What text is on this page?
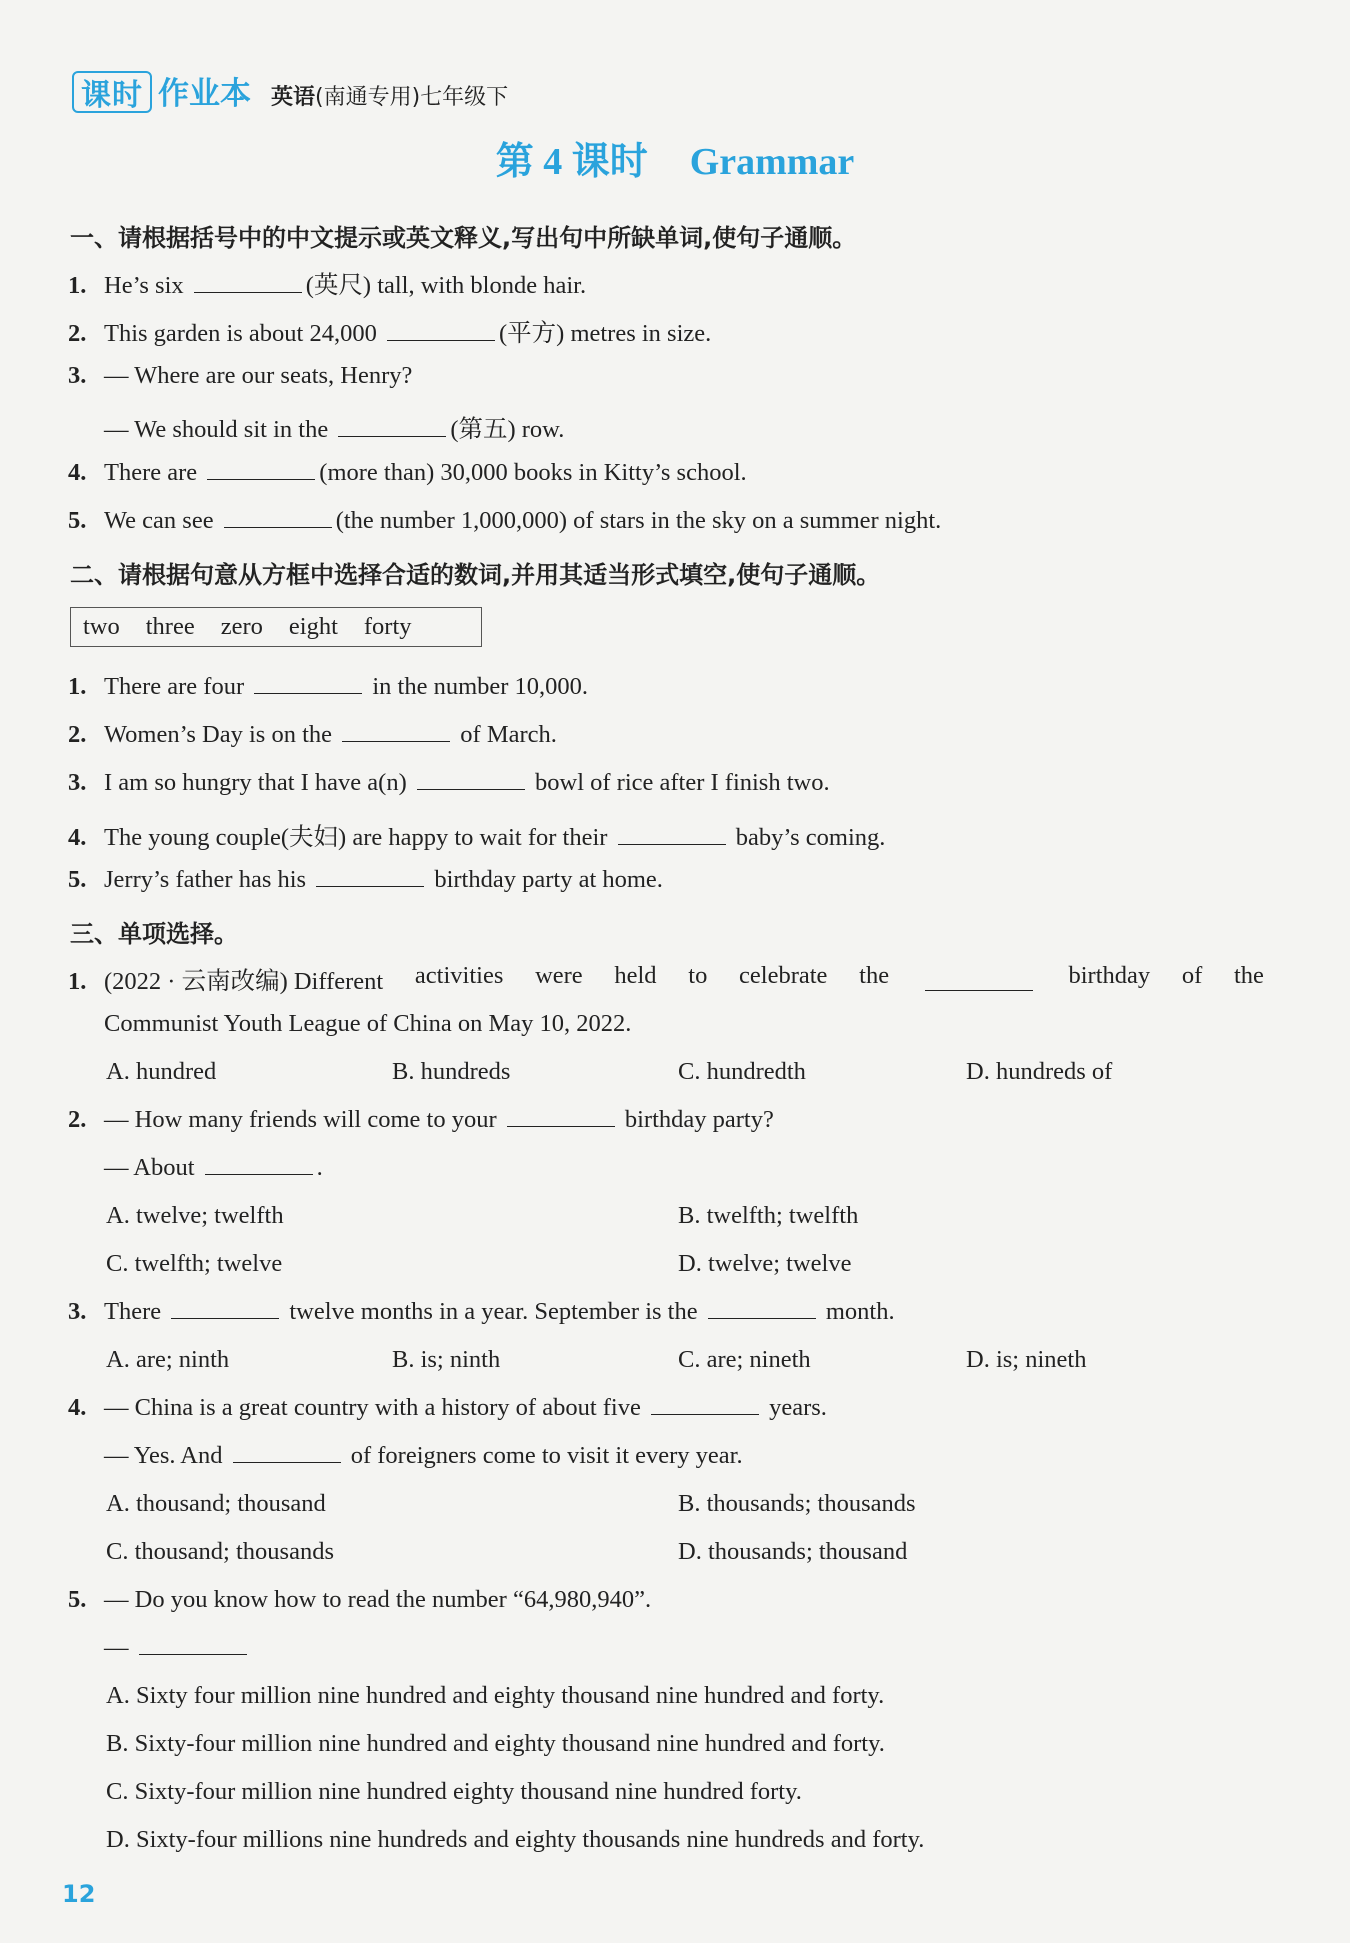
课时 作业本 英语(南通专用)七年级下
第 4 课时 Grammar
一、请根据括号中的中文提示或英文释义,写出句中所缺单词,使句子通顺。
1. He’s six	(英尺) tall, with blonde hair.
2. This garden is about 24,000	(平方) metres in size.
3. — Where are our seats, Henry?
— We should sit in the	(第五) row.
4. There are	(more than) 30,000 books in Kitty’s school.
5. We can see	(the number 1,000,000) of stars in the sky on a summer night.
二、请根据句意从方框中选择合适的数词,并用其适当形式填空,使句子通顺。
two three zero eight forty
1. There are four	in the number 10,000.
2. Women’s Day is on the	of March.
3. I am so hungry that I have a(n)	bowl of rice after I finish two.
4. The young couple(夫妇) are happy to wait for their	baby’s coming.
5. Jerry’s father has his	birthday party at home.
三、单项选择。
1. (2022 · 云南改编) Different activities were held to celebrate the	birthday of the
Communist Youth League of China on May 10, 2022.
A. hundred	B. hundreds	C. hundredth	D. hundreds of
2. — How many friends will come to your	birthday party?
— About	.
A. twelve; twelfth	B. twelfth; twelfth
C. twelfth; twelve	D. twelve; twelve
3. There	twelve months in a year. September is the	month.
A. are; ninth	B. is; ninth	C. are; nineth	D. is; nineth
4. — China is a great country with a history of about five	years.
— Yes. And	of foreigners come to visit it every year.
A. thousand; thousand	B. thousands; thousands
C. thousand; thousands	D. thousands; thousand
5. — Do you know how to read the number “64,980,940”.
—
A. Sixty four million nine hundred and eighty thousand nine hundred and forty.
B. Sixty-four million nine hundred and eighty thousand nine hundred and forty.
C. Sixty-four million nine hundred eighty thousand nine hundred forty.
D. Sixty-four millions nine hundreds and eighty thousands nine hundreds and forty.
12
